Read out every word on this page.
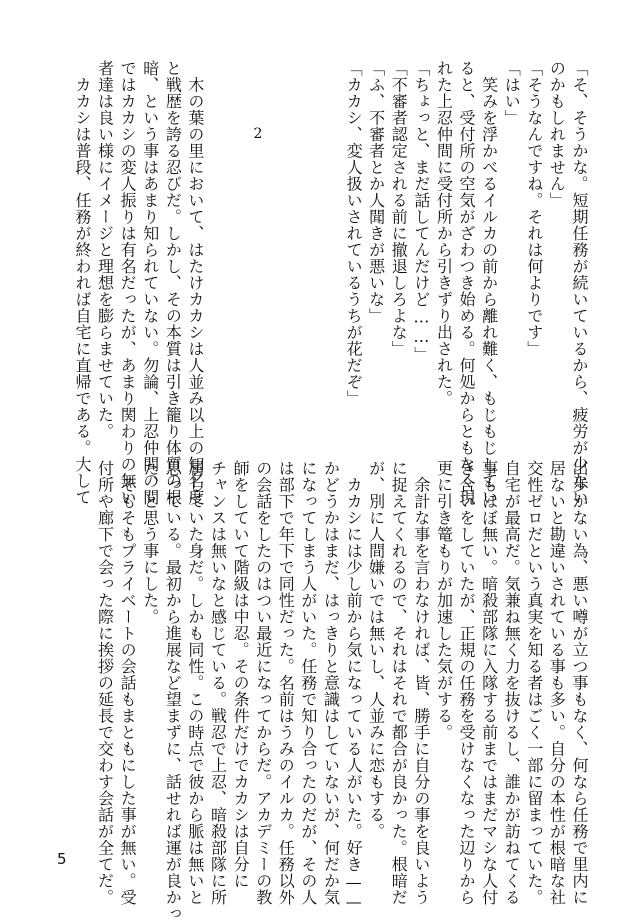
「そ、そうかな。短期任務が続いているから、疲労が少ない
のかもしれません」
「そうなんですね。それは何よりです」
「はい」
　笑みを浮かべるイルカの前から離れ難く、もじもじしてい
ると、受付所の空気がざわつき始める。何処からともなく現
れた上忍仲間に受付所から引きずり出された。
「ちょっと、まだ話してんだけど……」
「不審者認定される前に撤退しろよな」
「ふ、不審者とか人聞きが悪いな」
「カカシ、変人扱いされているうちが花だぞ」

　木の葉の里において、はたけカカシは人並み以上の知名度
と戦歴を誇る忍びだ。しかし、その本質は引き籠り体質の根
暗、という事はあまり知られていない。勿論、上忍仲間の間
ではカカシの変人振りは有名だったが、あまり関わりの無い
者達は良い様にイメージと理想を膨らませていた。
　カカシは普段、任務が終われば自宅に直帰である。大して	2
出歩かない為、悪い噂が立つ事もなく、何なら任務で里内に
居ないと勘違いされている事も多い。自分の本性が根暗な社
交性ゼロだという真実を知る者はごく一部に留まっていた。
自宅が最高だ。気兼ね無く力を抜けるし、誰かが訪ねてくる
事もほぼ無い。暗殺部隊に入隊する前まではまだマシな人付
き合いをしていたが、正規の任務を受けなくなった辺りから
更に引き篭もりが加速した気がする。
　余計な事を言わなければ、皆、勝手に自分の事を良いよう
に捉えてくれるので、それはそれで都合が良かった。根暗だ
が、別に人間嫌いでは無いし、人並みに恋もする。
　カカシには少し前から気になっている人がいた。好き——
かどうかはまだ、はっきりと意識はしていないが、何だか気
になってしまう人がいた。任務で知り合ったのだが、その人
は部下で年下で同性だった。名前はうみのイルカ。任務以外
の会話をしたのはつい最近になってからだ。アカデミーの教
師をしていて階級は中忍。その条件だけでカカシは自分に
チャンスは無いなと感じている。戦忍で上忍、暗殺部隊に所
属していた身だ。しかも同性。この時点で彼から脈は無いと
思っている。最初から進展など望まずに、話せれば運が良かっ
た、と思う事にした。
　そもそもプライベートの会話もまともにした事が無い。受
付所や廊下で会った際に挨拶の延長で交わす会話が全てだ。
5
